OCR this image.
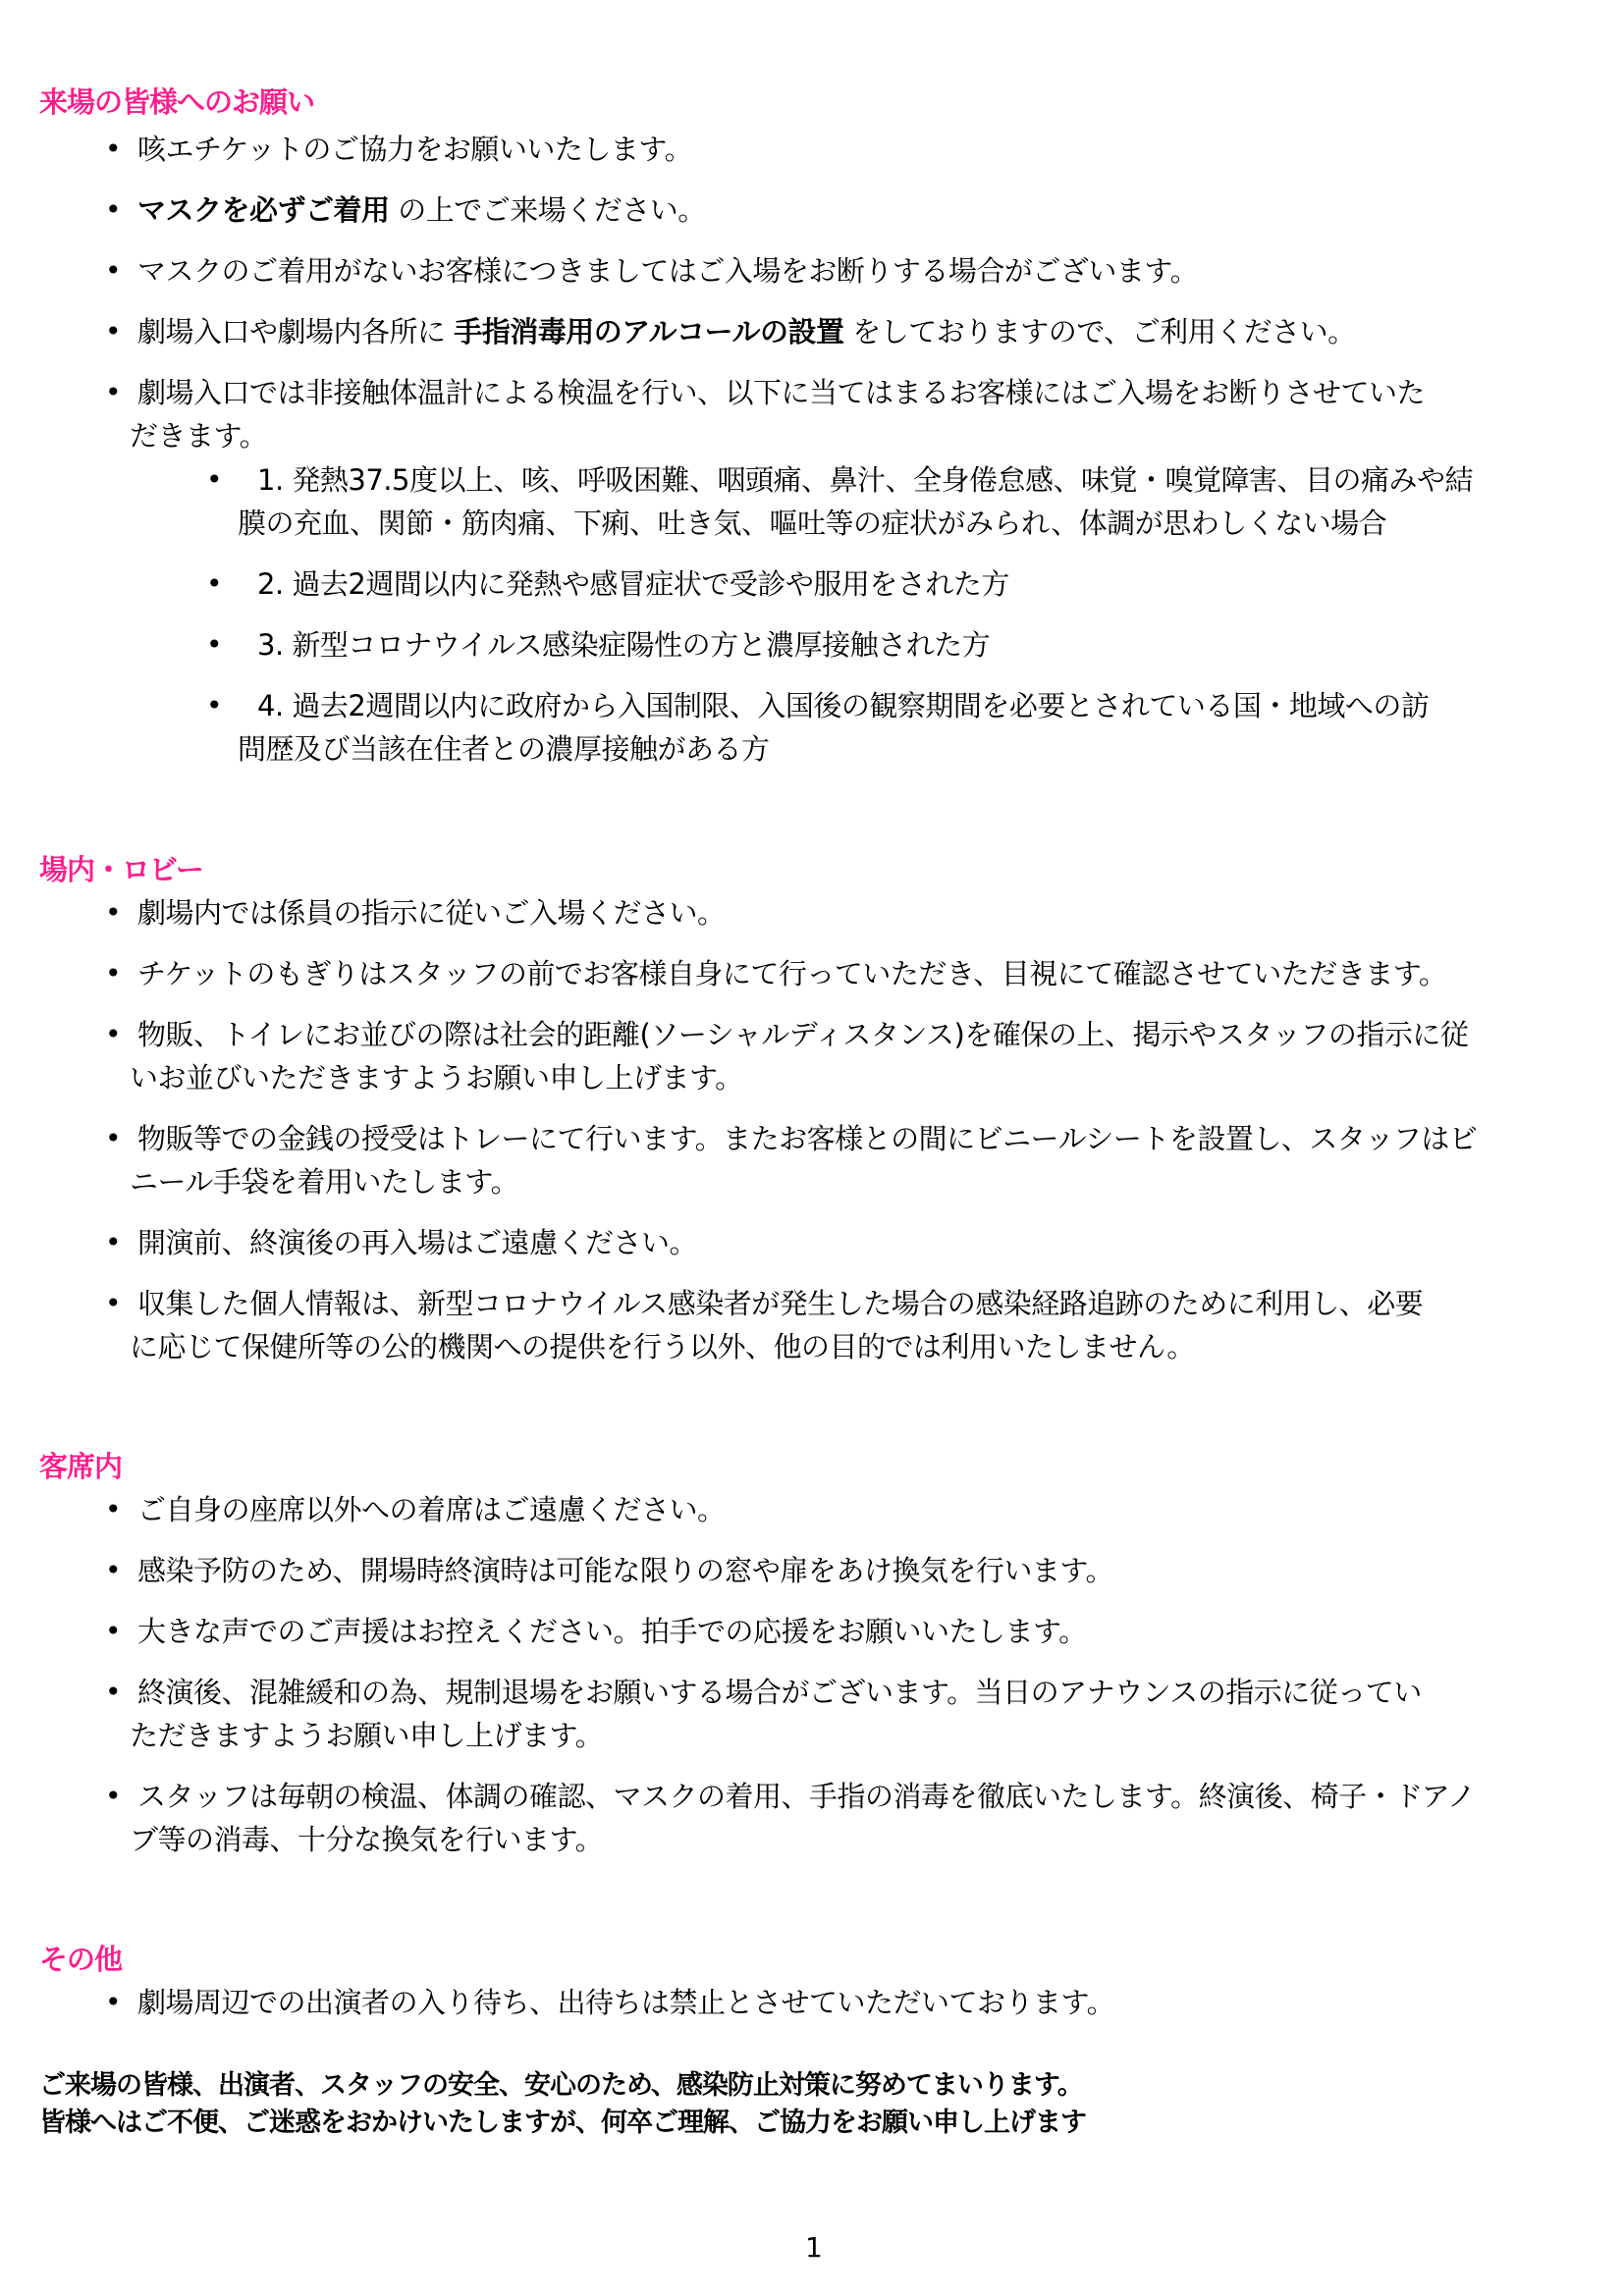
来場の皆様へのお願い
• 咳エチケットのご協力をお願いいたします。
• マスクを必ずご着用 の上でご来場ください。
• マスクのご着用がないお客様につきましてはご入場をお断りする場合がございます。
• 劇場入口や劇場内各所に 手指消毒用のアルコールの設置 をしておりますので、ご利用ください。
• 劇場入口では非接触体温計による検温を行い、以下に当てはまるお客様にはご入場をお断りさせていた
だきます。
• 1. 発熱37.5度以上、咳、呼吸困難、咽頭痛、鼻汁、全身倦怠感、味覚・嗅覚障害、目の痛みや結
膜の充血、関節・筋肉痛、下痢、吐き気、嘔吐等の症状がみられ、体調が思わしくない場合
• 2. 過去2週間以内に発熱や感冒症状で受診や服用をされた方
• 3. 新型コロナウイルス感染症陽性の方と濃厚接触された方
• 4. 過去2週間以内に政府から入国制限、入国後の観察期間を必要とされている国・地域への訪
問歴及び当該在住者との濃厚接触がある方
場内・ロビー
• 劇場内では係員の指示に従いご入場ください。
• チケットのもぎりはスタッフの前でお客様自身にて行っていただき、目視にて確認させていただきます。
• 物販、トイレにお並びの際は社会的距離(ソーシャルディスタンス)を確保の上、掲示やスタッフの指示に従
いお並びいただきますようお願い申し上げます。
• 物販等での金銭の授受はトレーにて行います。またお客様との間にビニールシートを設置し、スタッフはビ
ニール手袋を着用いたします。
• 開演前、終演後の再入場はご遠慮ください。
• 収集した個人情報は、新型コロナウイルス感染者が発生した場合の感染経路追跡のために利用し、必要
に応じて保健所等の公的機関への提供を行う以外、他の目的では利用いたしません。
客席内
• ご自身の座席以外への着席はご遠慮ください。
• 感染予防のため、開場時終演時は可能な限りの窓や扉をあけ換気を行います。
• 大きな声でのご声援はお控えください。拍手での応援をお願いいたします。
• 終演後、混雑緩和の為、規制退場をお願いする場合がございます。当日のアナウンスの指示に従ってい
ただきますようお願い申し上げます。
• スタッフは毎朝の検温、体調の確認、マスクの着用、手指の消毒を徹底いたします。終演後、椅子・ドアノ
ブ等の消毒、十分な換気を行います。
その他
• 劇場周辺での出演者の入り待ち、出待ちは禁止とさせていただいております。
ご来場の皆様、出演者、スタッフの安全、安心のため、感染防止対策に努めてまいります。
皆様へはご不便、ご迷惑をおかけいたしますが、何卒ご理解、ご協力をお願い申し上げます
1
